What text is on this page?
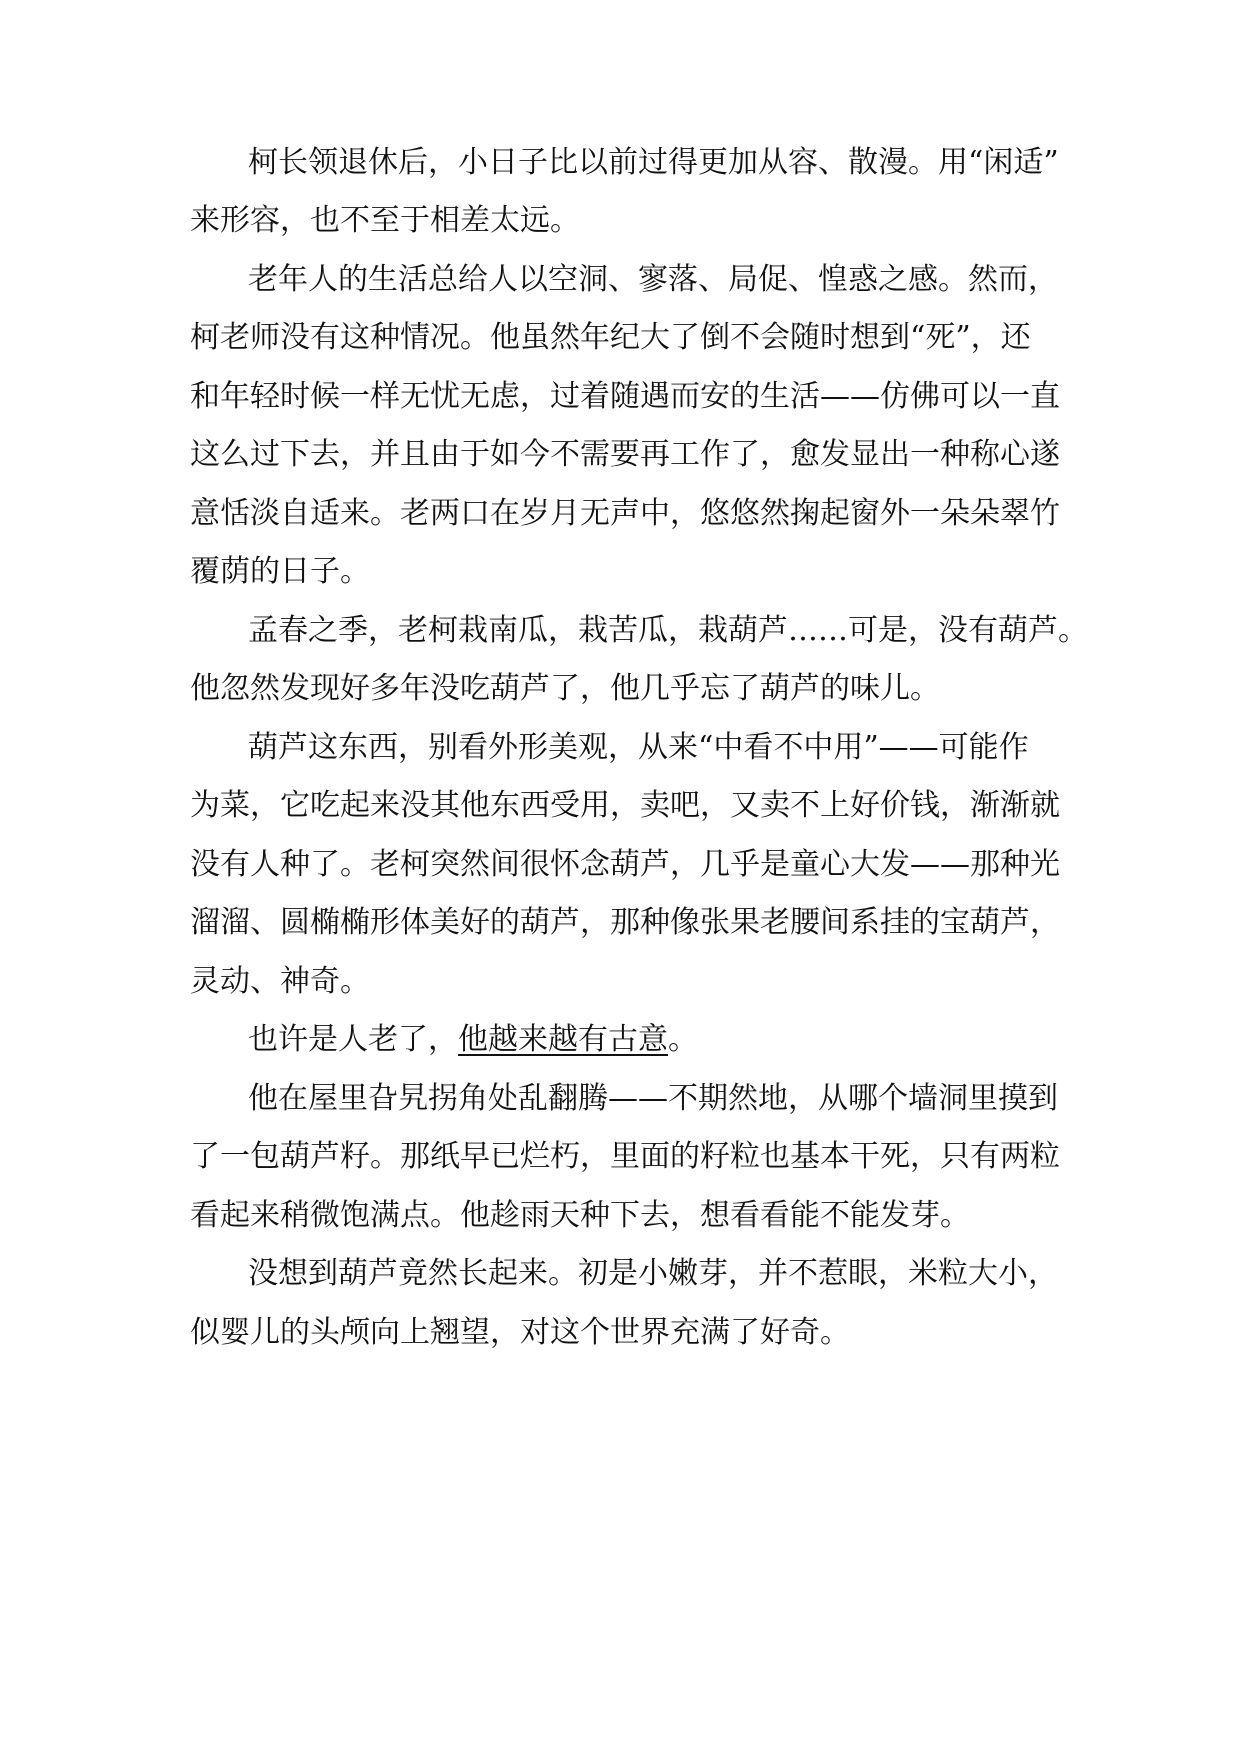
柯长领退休后，小日子比以前过得更加从容、散漫。用“闲适”
来形容，也不至于相差太远。
老年人的生活总给人以空洞、寥落、局促、惶惑之感。然而，
柯老师没有这种情况。他虽然年纪大了倒不会随时想到“死”，还
和年轻时候一样无忧无虑，过着随遇而安的生活——仿佛可以一直
这么过下去，并且由于如今不需要再工作了，愈发显出一种称心遂
意恬淡自适来。老两口在岁月无声中，悠悠然掬起窗外一朵朵翠竹
覆荫的日子。
孟春之季，老柯栽南瓜，栽苦瓜，栽葫芦……可是，没有葫芦。
他忽然发现好多年没吃葫芦了，他几乎忘了葫芦的味儿。
葫芦这东西，别看外形美观，从来“中看不中用”——可能作
为菜，它吃起来没其他东西受用，卖吧，又卖不上好价钱，渐渐就
没有人种了。老柯突然间很怀念葫芦，几乎是童心大发——那种光
溜溜、圆椭椭形体美好的葫芦，那种像张果老腰间系挂的宝葫芦，
灵动、神奇。
也许是人老了，他越来越有古意。
他在屋里旮旯拐角处乱翻腾——不期然地，从哪个墙洞里摸到
了一包葫芦籽。那纸早已烂朽，里面的籽粒也基本干死，只有两粒
看起来稍微饱满点。他趁雨天种下去，想看看能不能发芽。
没想到葫芦竟然长起来。初是小嫩芽，并不惹眼，米粒大小，
似婴儿的头颅向上翘望，对这个世界充满了好奇。
